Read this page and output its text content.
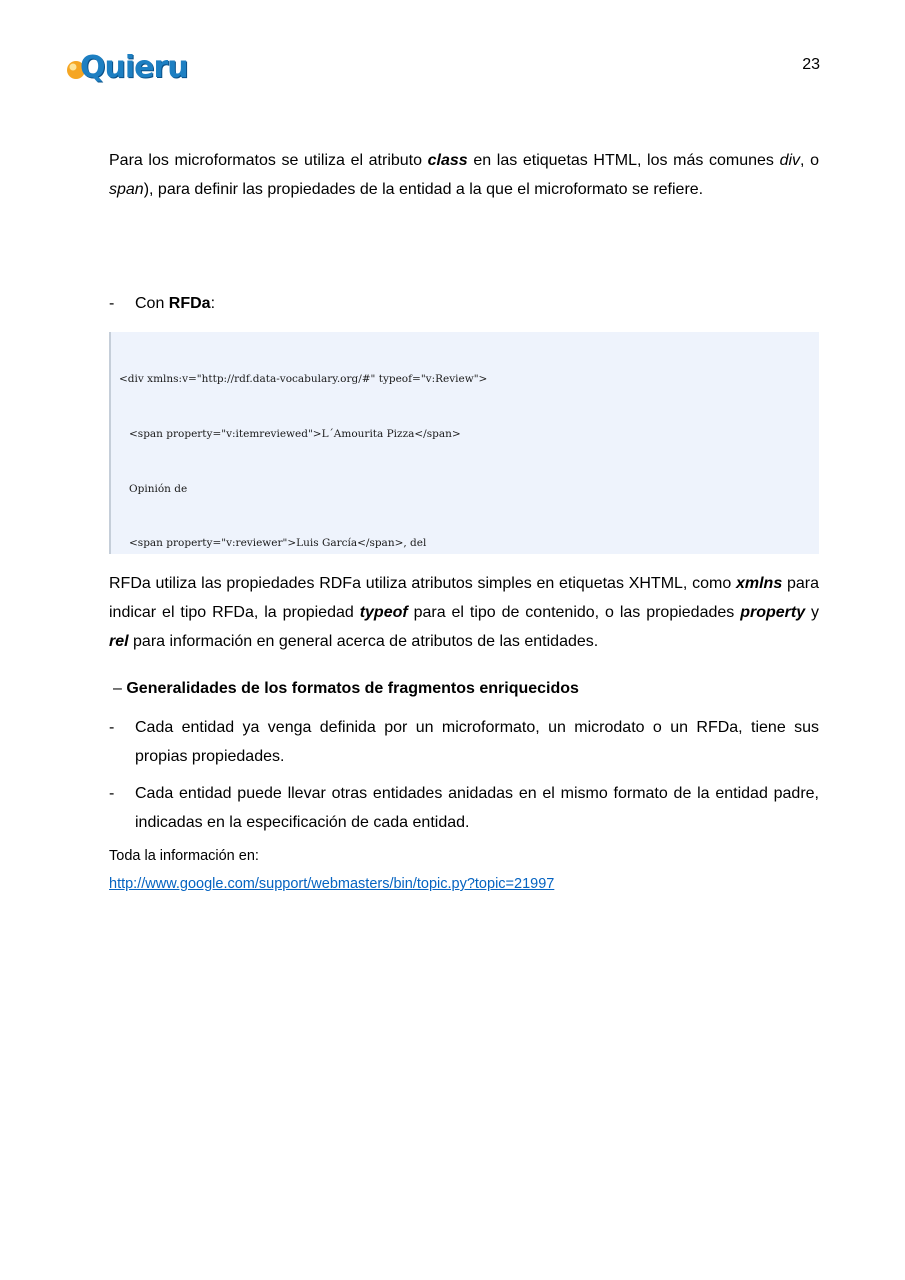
Quieru	23

Para los microformatos se utiliza el atributo class en las etiquetas HTML, los más comunes div, o span), para definir las propiedades de la entidad a la que el microformato se refiere.

- Con RFDa:

<div xmlns:v="http://rdf.data-vocabulary.org/#" typeof="v:Review">

<span property="v:itemreviewed">L´Amourita Pizza</span>

Opinión de

<span property="v:reviewer">Luis García</span>, del

RFDa utiliza las propiedades RDFa utiliza atributos simples en etiquetas XHTML, como xmlns para indicar el tipo RFDa, la propiedad typeof para el tipo de contenido, o las propiedades property y rel para información en general acerca de atributos de las entidades.

– Generalidades de los formatos de fragmentos enriquecidos
- Cada entidad ya venga definida por un microformato, un microdato o un RFDa, tiene sus propias propiedades.
- Cada entidad puede llevar otras entidades anidadas en el mismo formato de la entidad padre, indicadas en la especificación de cada entidad.
Toda la información en:
http://www.google.com/support/webmasters/bin/topic.py?topic=21997
